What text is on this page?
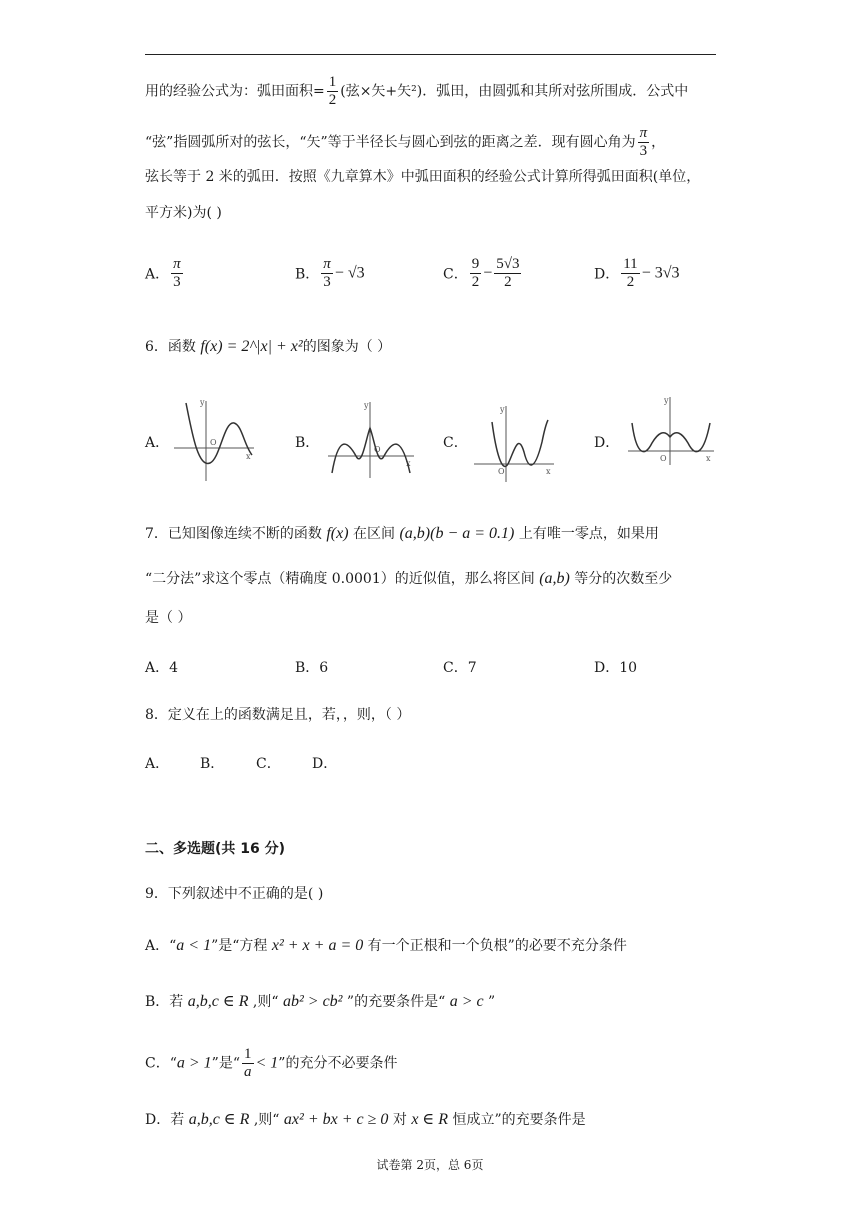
用的经验公式为：弧田面积= $\frac{1}{2}$ (弦×矢+矢²)．弧田，由圆弧和其所对弦所围成．公式中
“弦”指圆弧所对的弦长，“矢”等于半径长与圆心到弦的距离之差．现有圆心角为 $\frac{\pi}{3}$ ，
弦长等于 2 米的弧田．按照《九章算木》中弧田面积的经验公式计算所得弧田面积(单位，
平方米)为( )
A． $\frac{\pi}{3}$	B． $\frac{\pi}{3} - √3$	C． $\frac{9}{2} - \frac{5√3}{2}$	D． $\frac{11}{2} - 3√3$
6．函数 f(x) = 2^|x| + x²的图象为（ ）
A．
y
x
O	B．
y
x
O	C．
y
x
O
D．
y
x
O
7．已知图像连续不断的函数 f(x) 在区间 (a,b)(b − a = 0.1) 上有唯一零点，如果用
“二分法”求这个零点（精确度 0.0001）的近似值，那么将区间 (a,b) 等分的次数至少
是（ ）
A．4	B．6	C．7	D．10
8．定义在上的函数满足且，若，，则，（ ）
A． B． C． D．
二、多选题(共 16 分)
9．下列叙述中不正确的是( )
A．“a < 1”是“方程 x² + x + a = 0 有一个正根和一个负根”的必要不充分条件
B．若 a,b,c ∈ R ,则“ ab² > cb² ”的充要条件是“ a > c ”
C．“a > 1”是“ $\frac{1}{a} < 1$”的充分不必要条件
D．若 a,b,c ∈ R ,则“ ax² + bx + c ≥ 0 对 x ∈ R 恒成立”的充要条件是
试卷第 2页，总 6页
